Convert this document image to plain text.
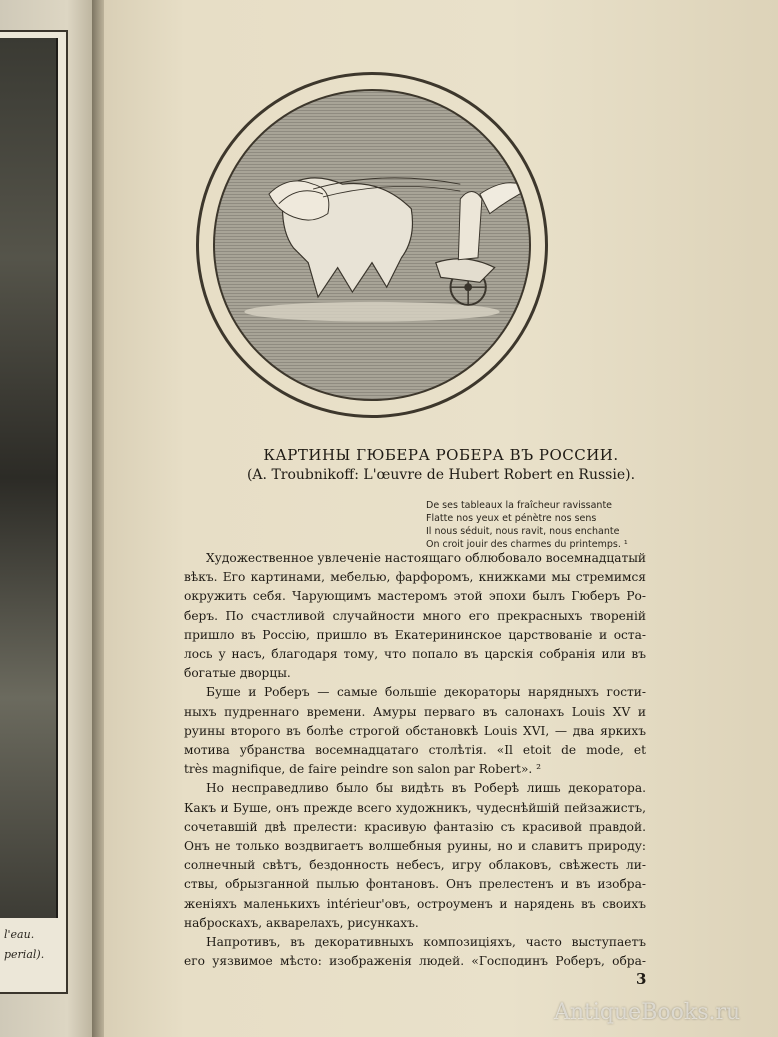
l'eau.
perial).
КАРТИНЫ ГЮБЕРА РОБЕРА ВЪ РОССИИ.
(A. Troubnikoff: L'œuvre de Hubert Robert en Russie).
De ses tableaux la fraîcheur ravissante
Flatte nos yeux et pénètre nos sens
Il nous séduit, nous ravit, nous enchante
On croit jouir des charmes du printemps. ¹
Художественное увлеченіе настоящаго облюбовало восемнадцатый
вѣкъ. Его картинами, мебелью, фарфоромъ, книжками мы стремимся
окружить себя. Чарующимъ мастеромъ этой эпохи былъ Гюберъ Ро-
беръ. По счастливой случайности много его прекрасныхъ творенiй
пришло въ Россiю, пришло въ Екатерининское царствованiе и оста-
лось у насъ, благодаря тому, что попало въ царскiя собранiя или въ
богатые дворцы.
Буше и Роберъ — самые большiе декораторы нарядныхъ гости-
ныхъ пудреннаго времени. Амуры перваго въ салонахъ Louis XV и
руины второго въ болѣе строгой обстановкѣ Louis XVI, — два яркихъ
мотива убранства восемнадцатаго столѣтiя. «Il etoit de mode, et
très magnifique, de faire peindre son salon par Robert». ²
Но несправедливо было бы видѣть въ Роберѣ лишь декоратора.
Какъ и Буше, онъ прежде всего художникъ, чудеснѣйшiй пейзажистъ,
сочетавшiй двѣ прелести: красивую фантазiю съ красивой правдой.
Онъ не только воздвигаетъ волшебныя руины, но и славитъ природу:
солнечный свѣтъ, бездонность небесъ, игру облаковъ, свѣжесть ли-
ствы, обрызганной пылью фонтановъ. Онъ прелестенъ и въ изобра-
женiяхъ маленькихъ intérieur'овъ, остроуменъ и нарядень въ своихъ
наброскахъ, акварелахъ, рисункахъ.
Напротивъ, въ декоративныхъ композицiяхъ, часто выступаетъ
его уязвимое мѣсто: изображенiя людей. «Господинъ Роберъ, обра-
3
AntiqueBooks.ru
